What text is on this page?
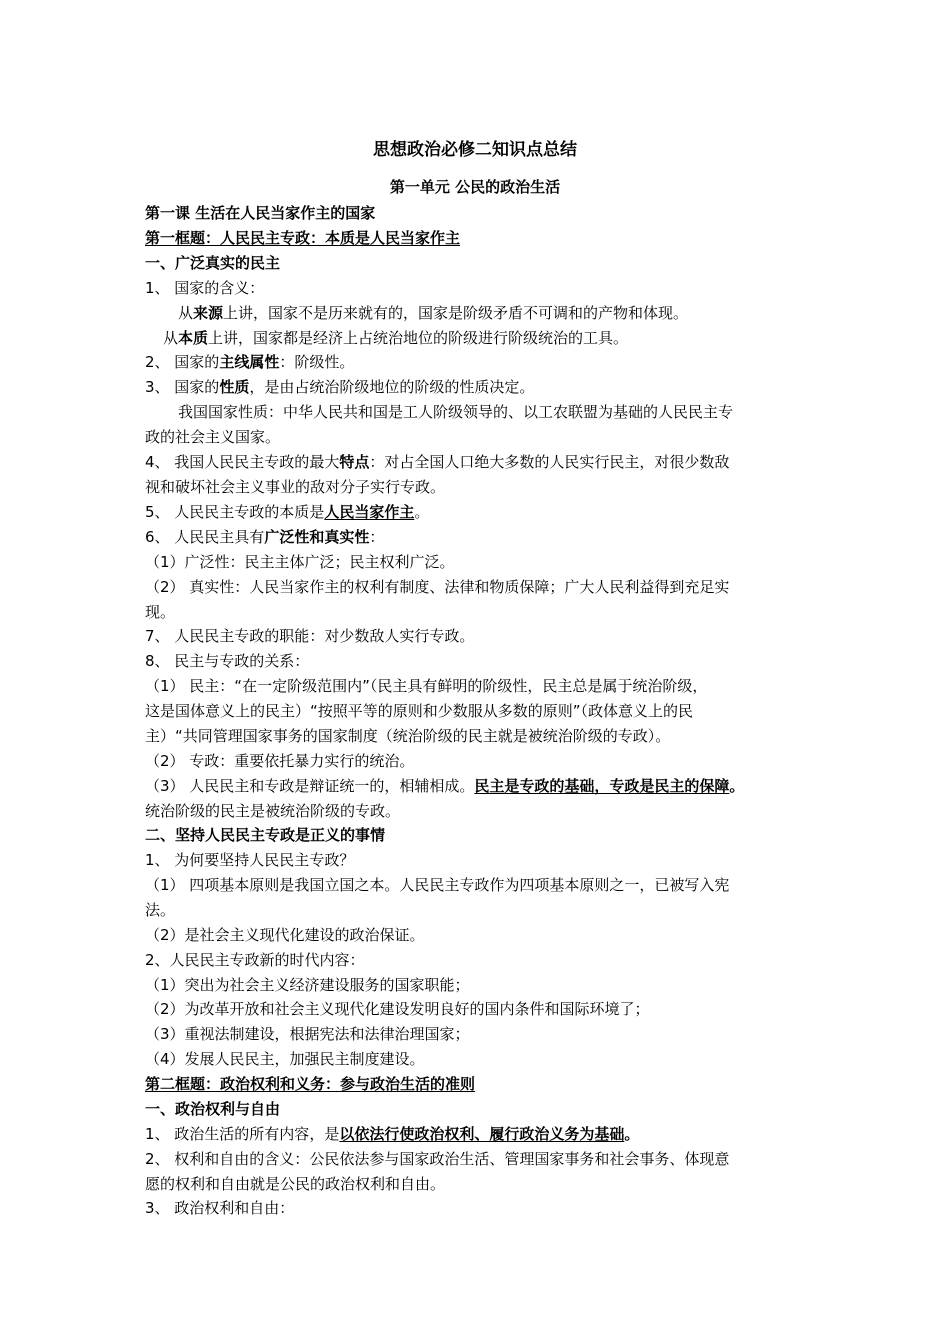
思想政治必修二知识点总结
第一单元 公民的政治生活
第一课 生活在人民当家作主的国家
第一框题：人民民主专政：本质是人民当家作主
一、广泛真实的民主
1、 国家的含义：
从来源上讲，国家不是历来就有的，国家是阶级矛盾不可调和的产物和体现。
从本质上讲，国家都是经济上占统治地位的阶级进行阶级统治的工具。
2、 国家的主线属性：阶级性。
3、 国家的性质，是由占统治阶级地位的阶级的性质决定。
我国国家性质：中华人民共和国是工人阶级领导的、以工农联盟为基础的人民民主专
政的社会主义国家。
4、 我国人民民主专政的最大特点：对占全国人口绝大多数的人民实行民主，对很少数敌
视和破坏社会主义事业的敌对分子实行专政。
5、 人民民主专政的本质是人民当家作主。
6、 人民民主具有广泛性和真实性：
（1）广泛性：民主主体广泛；民主权利广泛。
（2） 真实性：人民当家作主的权利有制度、法律和物质保障；广大人民利益得到充足实
现。
7、 人民民主专政的职能：对少数敌人实行专政。
8、 民主与专政的关系：
（1） 民主：“在一定阶级范围内”（民主具有鲜明的阶级性，民主总是属于统治阶级，
这是国体意义上的民主）“按照平等的原则和少数服从多数的原则”（政体意义上的民
主）“共同管理国家事务的国家制度（统治阶级的民主就是被统治阶级的专政）。
（2） 专政：重要依托暴力实行的统治。
（3） 人民民主和专政是辩证统一的，相辅相成。民主是专政的基础，专政是民主的保障。
统治阶级的民主是被统治阶级的专政。
二、坚持人民民主专政是正义的事情
1、 为何要坚持人民民主专政？
（1） 四项基本原则是我国立国之本。人民民主专政作为四项基本原则之一，已被写入宪
法。
（2）是社会主义现代化建设的政治保证。
2、人民民主专政新的时代内容：
（1）突出为社会主义经济建设服务的国家职能；
（2）为改革开放和社会主义现代化建设发明良好的国内条件和国际环境了；
（3）重视法制建设，根据宪法和法律治理国家；
（4）发展人民民主，加强民主制度建设。
第二框题：政治权利和义务：参与政治生活的准则
一、政治权利与自由
1、 政治生活的所有内容，是以依法行使政治权利、履行政治义务为基础。
2、 权利和自由的含义：公民依法参与国家政治生活、管理国家事务和社会事务、体现意
愿的权利和自由就是公民的政治权利和自由。
3、 政治权利和自由：
